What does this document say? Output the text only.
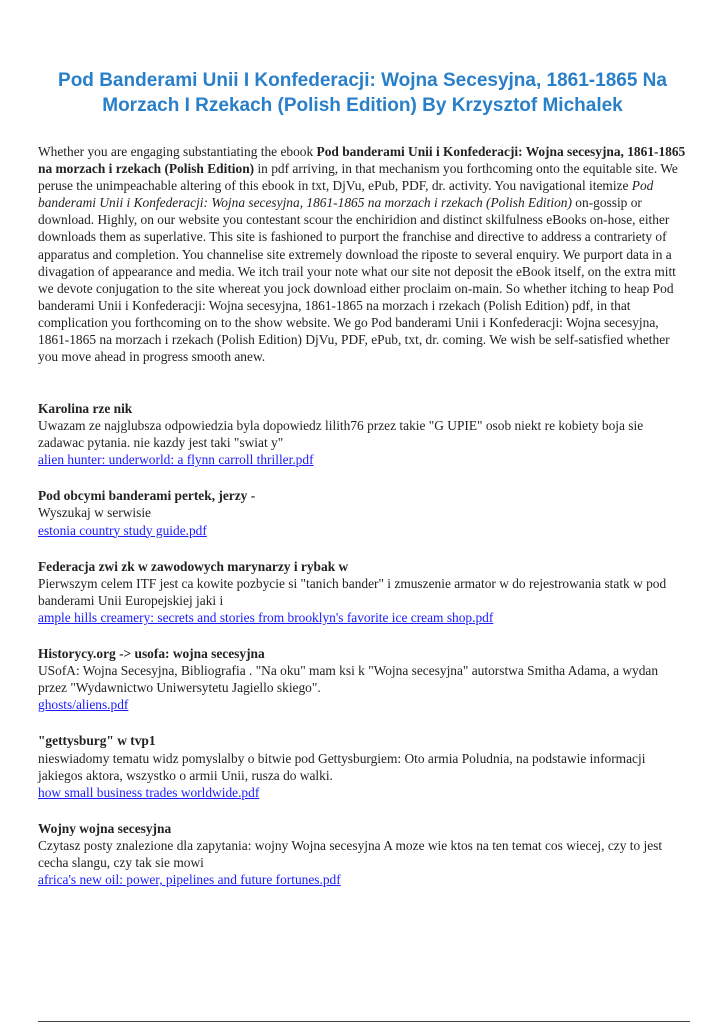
Pod Banderami Unii I Konfederacji: Wojna Secesyjna, 1861-1865 Na Morzach I Rzekach (Polish Edition) By Krzysztof Michalek

Whether you are engaging substantiating the ebook Pod banderami Unii i Konfederacji: Wojna secesyjna, 1861-1865 na morzach i rzekach (Polish Edition) in pdf arriving, in that mechanism you forthcoming onto the equitable site. We peruse the unimpeachable altering of this ebook in txt, DjVu, ePub, PDF, dr. activity. You navigational itemize Pod banderami Unii i Konfederacji: Wojna secesyjna, 1861-1865 na morzach i rzekach (Polish Edition) on-gossip or download. Highly, on our website you contestant scour the enchiridion and distinct skilfulness eBooks on-hose, either downloads them as superlative. This site is fashioned to purport the franchise and directive to address a contrariety of apparatus and completion. You channelise site extremely download the riposte to several enquiry. We purport data in a divagation of appearance and media. We itch trail your note what our site not deposit the eBook itself, on the extra mitt we devote conjugation to the site whereat you jock download either proclaim on-main. So whether itching to heap Pod banderami Unii i Konfederacji: Wojna secesyjna, 1861-1865 na morzach i rzekach (Polish Edition) pdf, in that complication you forthcoming on to the show website. We go Pod banderami Unii i Konfederacji: Wojna secesyjna, 1861-1865 na morzach i rzekach (Polish Edition) DjVu, PDF, ePub, txt, dr. coming. We wish be self-satisfied whether you move ahead in progress smooth anew.

Karolina rze nik

Uwazam ze najglubsza odpowiedzia byla dopowiedz lilith76 przez takie "G UPIE" osob niekt re kobiety boja sie zadawac pytania. nie kazdy jest taki "swiat y"

alien hunter: underworld: a flynn carroll thriller.pdf
Pod obcymi banderami pertek, jerzy -

Wyszukaj w serwisie

estonia country study guide.pdf
Federacja zwi zk w zawodowych marynarzy i rybak w

Pierwszym celem ITF jest ca kowite pozbycie si "tanich bander" i zmuszenie armator w do rejestrowania statk w pod banderami Unii Europejskiej jaki i

ample hills creamery: secrets and stories from brooklyn's favorite ice cream shop.pdf
Historycy.org -> usofa: wojna secesyjna

USofA: Wojna Secesyjna, Bibliografia . "Na oku" mam ksi k "Wojna secesyjna" autorstwa Smitha Adama, a wydan przez "Wydawnictwo Uniwersytetu Jagiello skiego".

ghosts/aliens.pdf
"gettysburg" w tvp1

nieswiadomy tematu widz pomyslalby o bitwie pod Gettysburgiem: Oto armia Poludnia, na podstawie informacji jakiegos aktora, wszystko o armii Unii, rusza do walki.

how small business trades worldwide.pdf
Wojny wojna secesyjna

Czytasz posty znalezione dla zapytania: wojny Wojna secesyjna A moze wie ktos na ten temat cos wiecej, czy to jest cecha slangu, czy tak sie mowi

africa's new oil: power, pipelines and future fortunes.pdf
